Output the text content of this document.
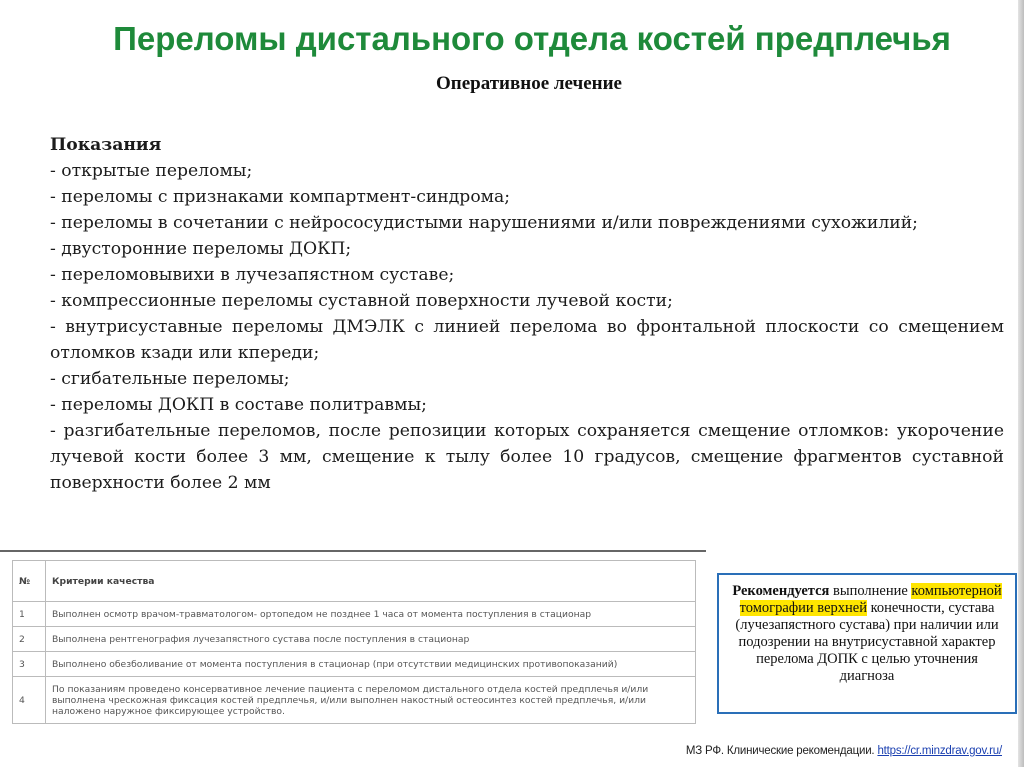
Переломы дистального отдела костей предплечья
Оперативное лечение
Показания
- открытые переломы;
- переломы с признаками компартмент-синдрома;
- переломы в сочетании с нейрососудистыми нарушениями и/или повреждениями сухожилий;
- двусторонние переломы ДОКП;
- переломовывихи в лучезапястном суставе;
- компрессионные переломы суставной поверхности лучевой кости;
- внутрисуставные переломы ДМЭЛК с линией перелома во фронтальной плоскости со смещением отломков кзади или кпереди;
- сгибательные переломы;
- переломы ДОКП в составе политравмы;
- разгибательные переломов, после репозиции которых сохраняется смещение отломков: укорочение лучевой кости более 3 мм, смещение к тылу более 10 градусов, смещение фрагментов суставной поверхности более 2 мм
№	Критерии качества
1	Выполнен осмотр врачом-травматологом- ортопедом не позднее 1 часа от момента поступления в стационар
2	Выполнена рентгенография лучезапястного сустава после поступления в стационар
3	Выполнено обезболивание от момента поступления в стационар (при отсутствии медицинских противопоказаний)
4	По показаниям проведено консервативное лечение пациента с переломом дистального отдела костей предплечья и/или выполнена чрескожная фиксация костей предплечья, и/или выполнен накостный остеосинтез костей предплечья, и/или наложено наружное фиксирующее устройство.
Рекомендуется выполнение компьютерной томографии верхней конечности, сустава (лучезапястного сустава) при наличии или подозрении на внутрисуставной характер перелома ДОПК с целью уточнения диагноза
МЗ РФ. Клинические рекомендации. https://cr.minzdrav.gov.ru/
